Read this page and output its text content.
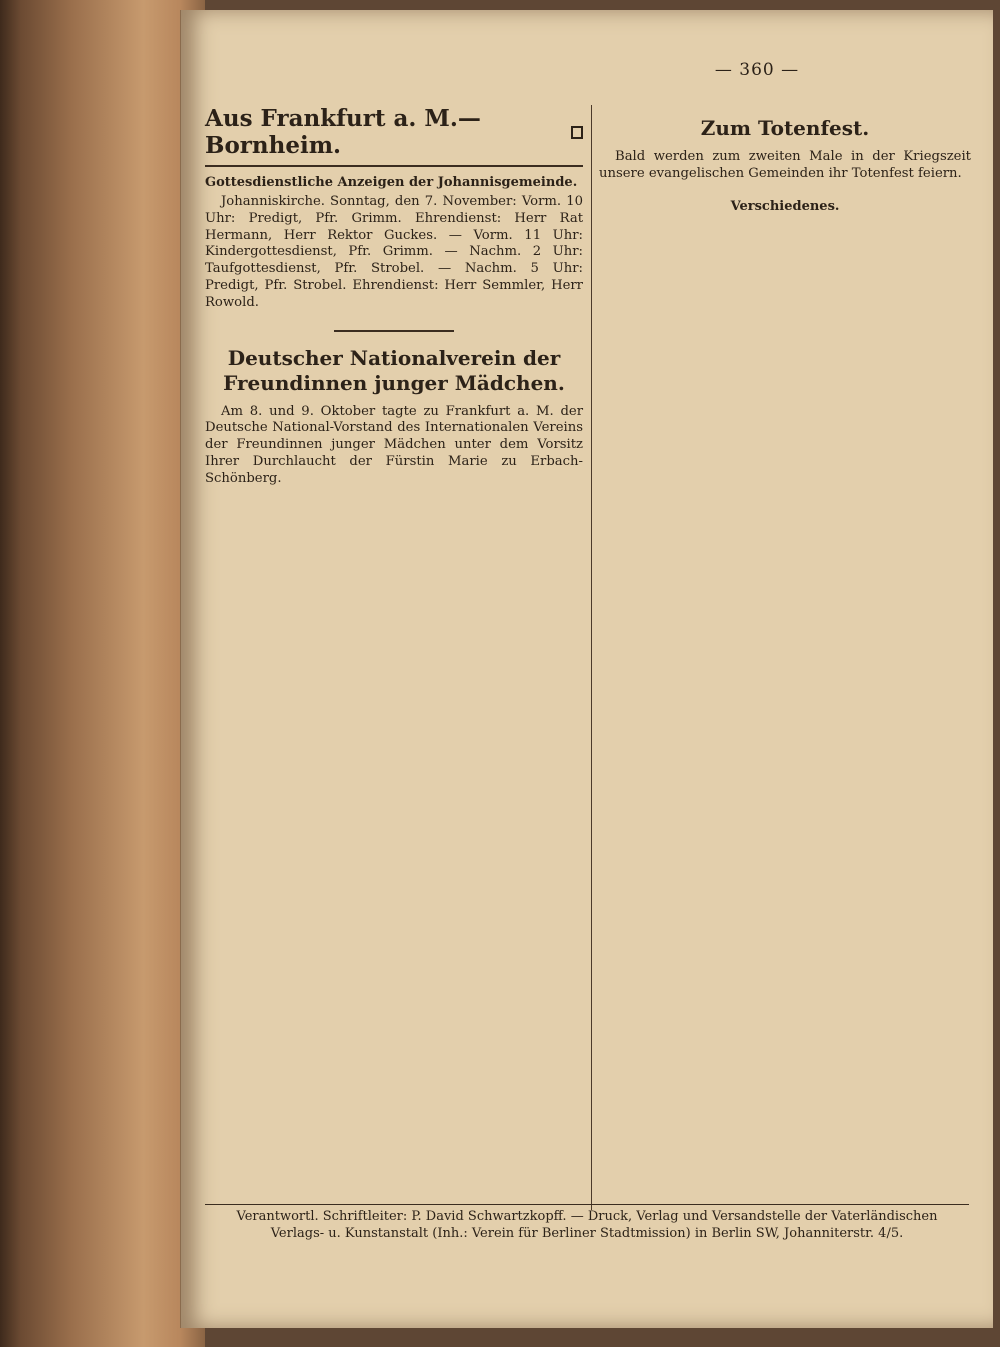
— 360 —
Aus Frankfurt a. M.—Bornheim.
Gottesdienstliche Anzeigen der Johannisgemeinde.

Johanniskirche. Sonntag, den 7. November: Vorm. 10 Uhr: Predigt, Pfr. Grimm. Ehrendienst: Herr Rat Hermann, Herr Rektor Guckes. — Vorm. 11 Uhr: Kindergottesdienst, Pfr. Grimm. — Nachm. 2 Uhr: Taufgottesdienst, Pfr. Strobel. — Nachm. 5 Uhr: Predigt, Pfr. Strobel. Ehrendienst: Herr Semmler, Herr Rowold.

Deutscher Nationalverein der Freundinnen junger Mädchen.

Am 8. und 9. Oktober tagte zu Frankfurt a. M. der Deutsche National-Vorstand des Internationalen Vereins der Freundinnen junger Mädchen unter dem Vorsitz Ihrer Durchlaucht der Fürstin Marie zu Erbach-Schönberg.

Zum Totenfest.

Bald werden zum zweiten Male in der Kriegszeit unsere evangelischen Gemeinden ihr Totenfest feiern.

Verschiedenes.
Verantwortl. Schriftleiter: P. David Schwartzkopff. — Druck, Verlag und Versandstelle der Vaterländischen
Verlags- u. Kunstanstalt (Inh.: Verein für Berliner Stadtmission) in Berlin SW, Johanniterstr. 4/5.
